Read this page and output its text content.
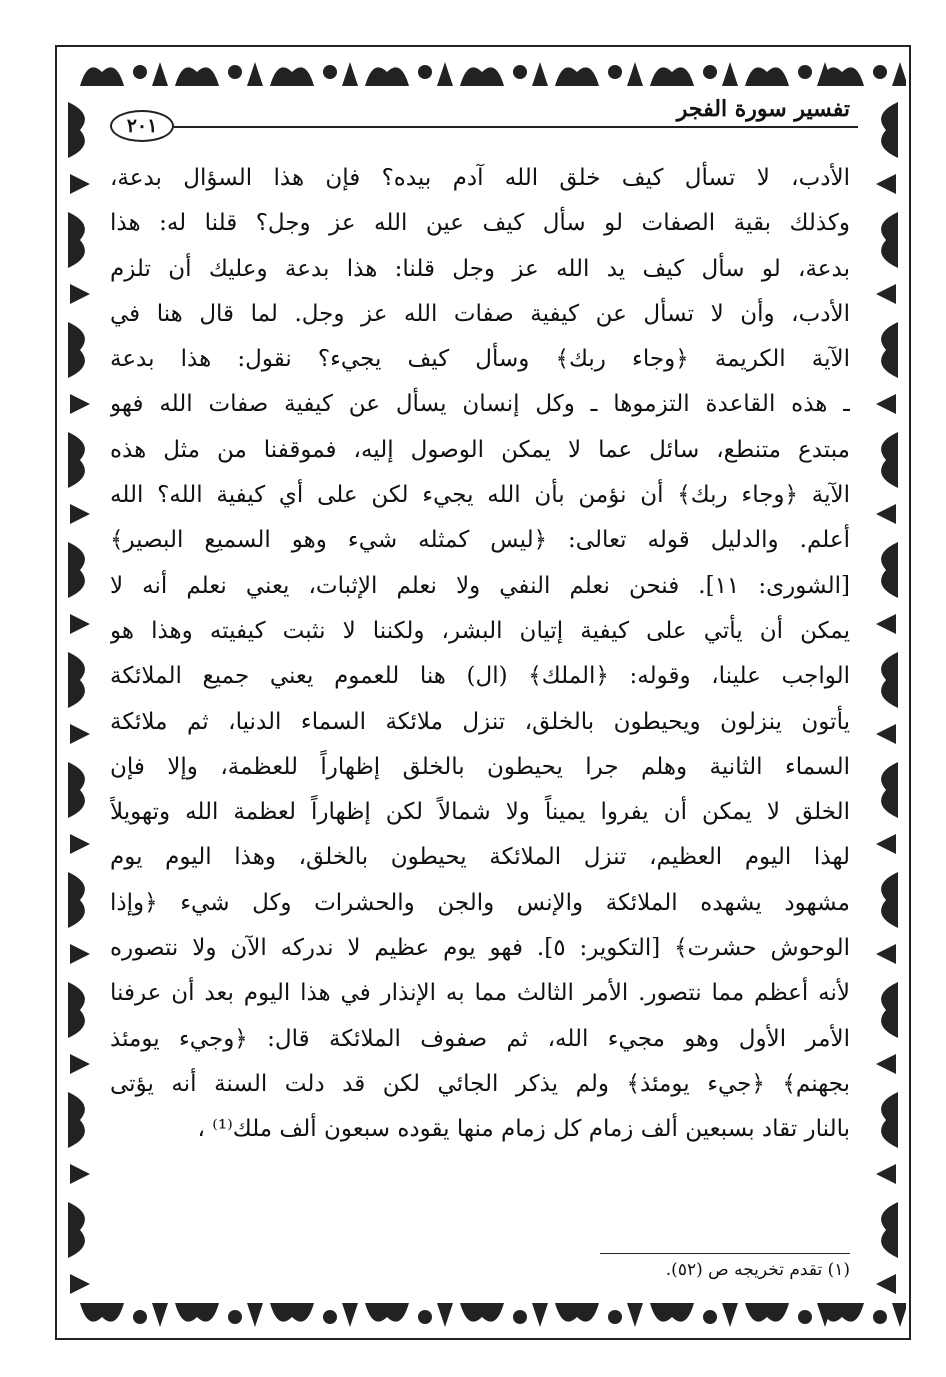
تفسير سورة الفجر
٢٠١
الأدب، لا تسأل كيف خلق الله آدم بيده؟ فإن هذا السؤال بدعة،
وكذلك بقية الصفات لو سأل كيف عين الله عز وجل؟ قلنا له: هذا
بدعة، لو سأل كيف يد الله عز وجل قلنا: هذا بدعة وعليك أن تلزم
الأدب، وأن لا تسأل عن كيفية صفات الله عز وجل. لما قال هنا في
الآية الكريمة ﴿وجاء ربك﴾ وسأل كيف يجيء؟ نقول: هذا بدعة
ـ هذه القاعدة التزموها ـ وكل إنسان يسأل عن كيفية صفات الله فهو
مبتدع متنطع، سائل عما لا يمكن الوصول إليه، فموقفنا من مثل هذه
الآية ﴿وجاء ربك﴾ أن نؤمن بأن الله يجيء لكن على أي كيفية الله؟ الله
أعلم. والدليل قوله تعالى: ﴿ليس كمثله شيء وهو السميع البصير﴾
[الشورى: ١١]. فنحن نعلم النفي ولا نعلم الإثبات، يعني نعلم أنه لا
يمكن أن يأتي على كيفية إتيان البشر، ولكننا لا نثبت كيفيته وهذا هو
الواجب علينا، وقوله: ﴿الملك﴾ (ال) هنا للعموم يعني جميع الملائكة
يأتون ينزلون ويحيطون بالخلق، تنزل ملائكة السماء الدنيا، ثم ملائكة
السماء الثانية وهلم جرا يحيطون بالخلق إظهاراً للعظمة، وإلا فإن
الخلق لا يمكن أن يفروا يميناً ولا شمالاً لكن إظهاراً لعظمة الله وتهويلاً
لهذا اليوم العظيم، تنزل الملائكة يحيطون بالخلق، وهذا اليوم يوم
مشهود يشهده الملائكة والإنس والجن والحشرات وكل شيء ﴿وإذا
الوحوش حشرت﴾ [التكوير: ٥]. فهو يوم عظيم لا ندركه الآن ولا نتصوره
لأنه أعظم مما نتصور. الأمر الثالث مما به الإنذار في هذا اليوم بعد أن عرفنا
الأمر الأول وهو مجيء الله، ثم صفوف الملائكة قال: ﴿وجيء يومئذ
بجهنم﴾ ﴿جيء يومئذ﴾ ولم يذكر الجائي لكن قد دلت السنة أنه يؤتى
بالنار تقاد بسبعين ألف زمام كل زمام منها يقوده سبعون ألف ملك⁽¹⁾ ،
(١) تقدم تخريجه ص (٥٢).
